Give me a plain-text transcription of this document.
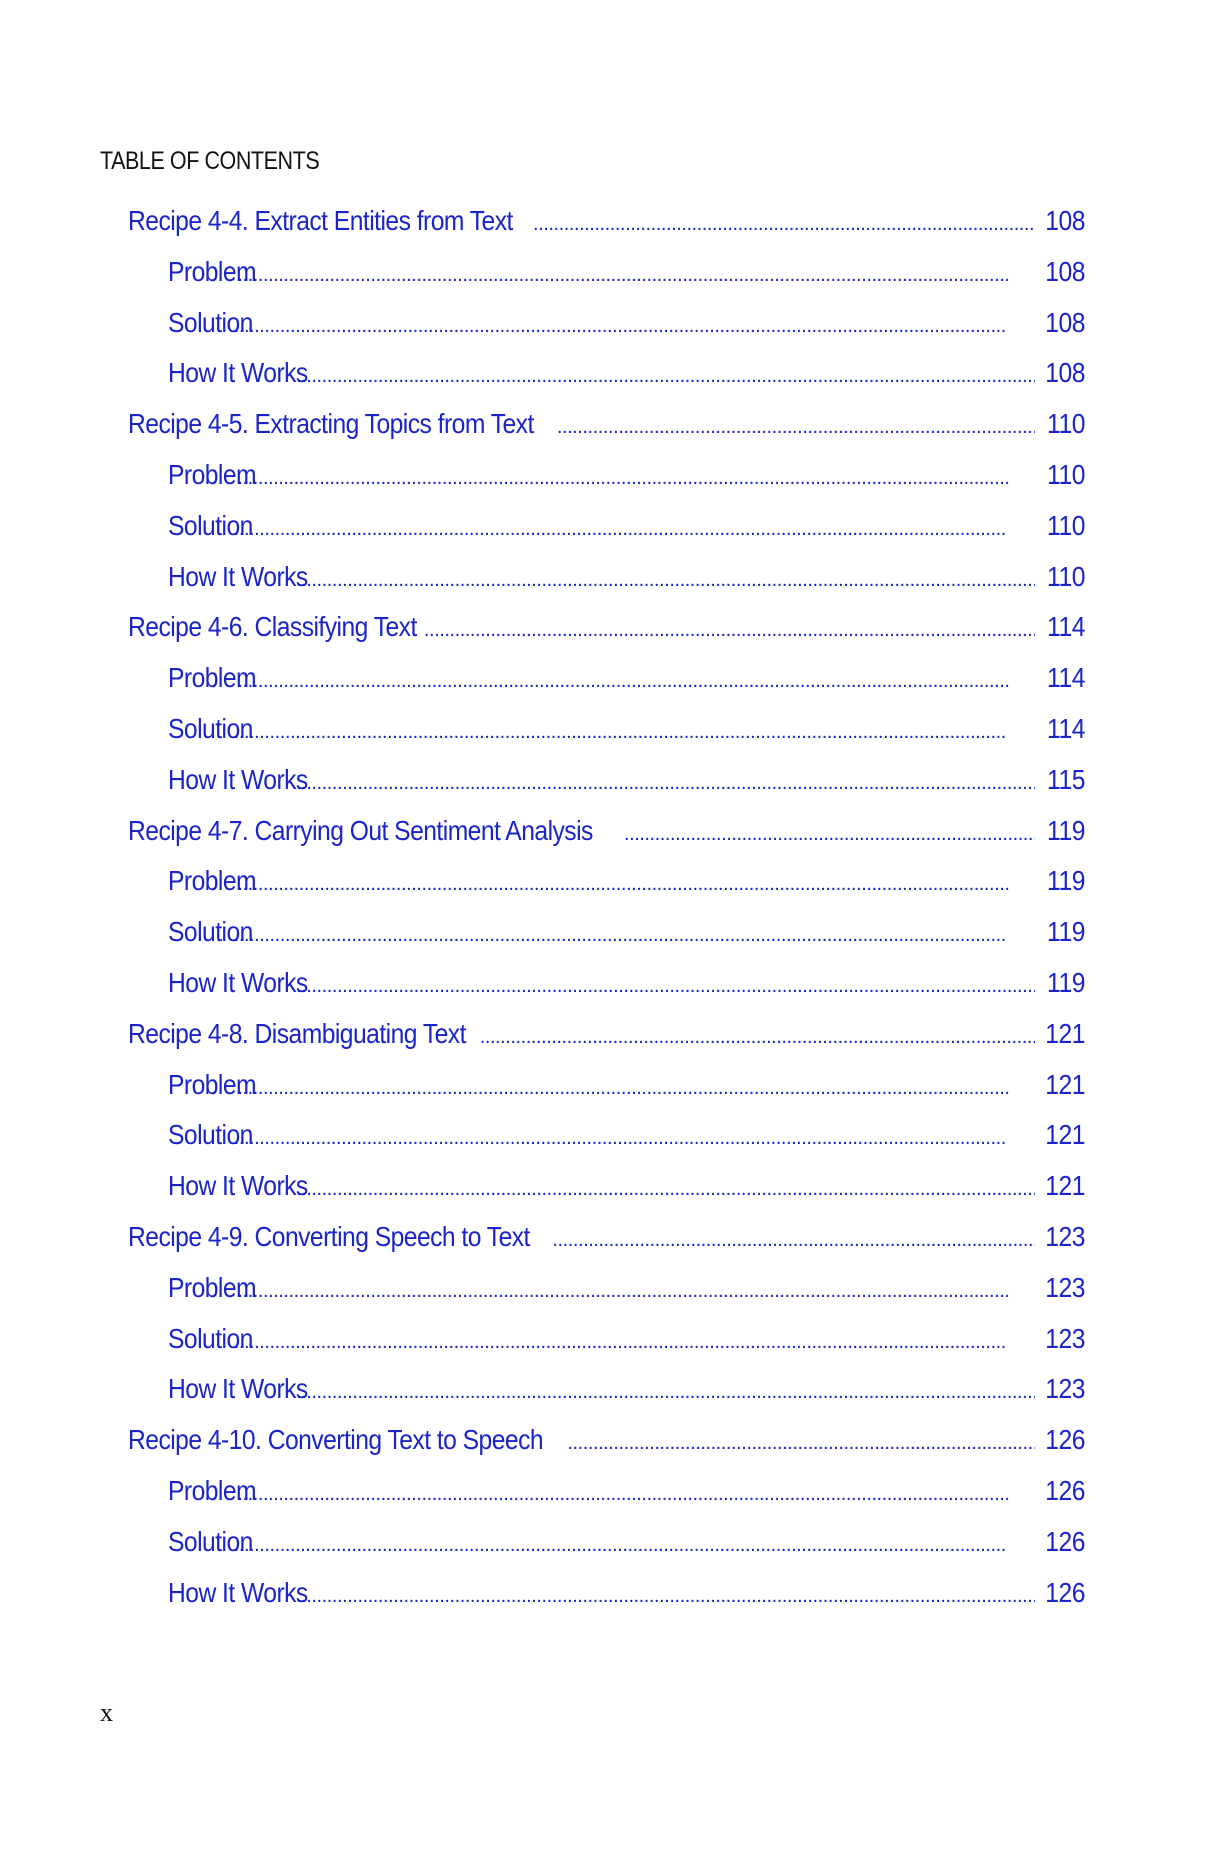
TABLE OF CONTENTS
Recipe 4-4. Extract Entities from Text . . .	108
Problem . . .	108
Solution . . .	108
How It Works . . .	108
Recipe 4-5. Extracting Topics from Text . . .	110
Problem . . .	110
Solution . . .	110
How It Works . . .	110
Recipe 4-6. Classifying Text . . .	114
Problem . . .	114
Solution . . .	114
How It Works . . .	115
Recipe 4-7. Carrying Out Sentiment Analysis . . .	119
Problem . . .	119
Solution . . .	119
How It Works . . .	119
Recipe 4-8. Disambiguating Text . . .	121
Problem . . .	121
Solution . . .	121
How It Works . . .	121
Recipe 4-9. Converting Speech to Text . . .	123
Problem . . .	123
Solution . . .	123
How It Works . . .	123
Recipe 4-10. Converting Text to Speech . . .	126
Problem . . .	126
Solution . . .	126
How It Works . . .	126
x
